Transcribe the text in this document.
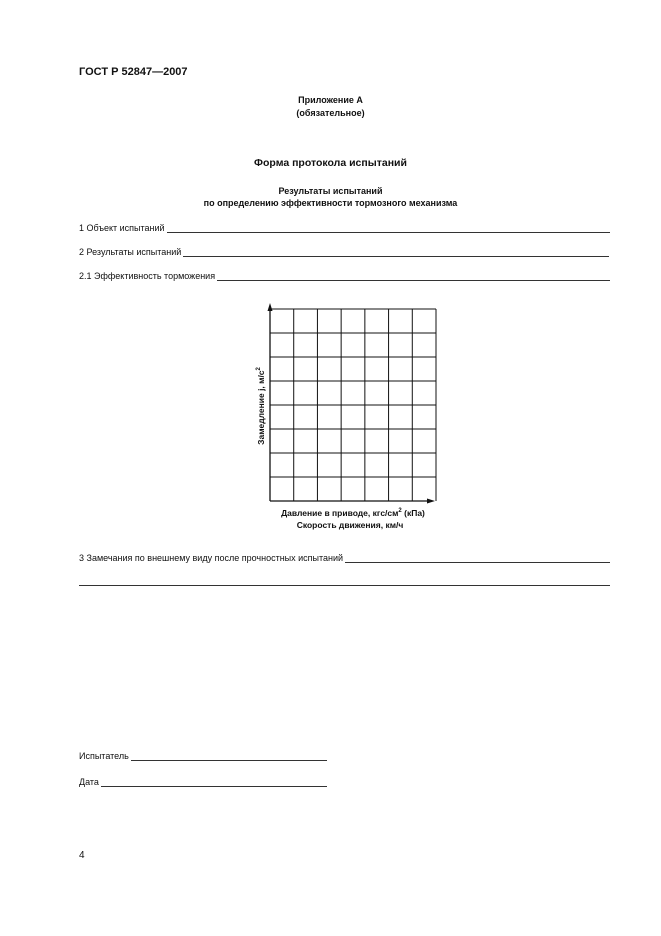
ГОСТ Р 52847—2007
Приложение А
(обязательное)
Форма протокола испытаний
Результаты испытаний
по определению эффективности тормозного механизма
1 Объект испытаний
2 Результаты испытаний
2.1 Эффективность торможения
Замедление j, $м/с^2$
Давление в приводе, кгс/$см^2$ (кПа)
Скорость движения, км/ч
3 Замечания по внешнему виду после прочностных испытаний
Испытатель
Дата
4
